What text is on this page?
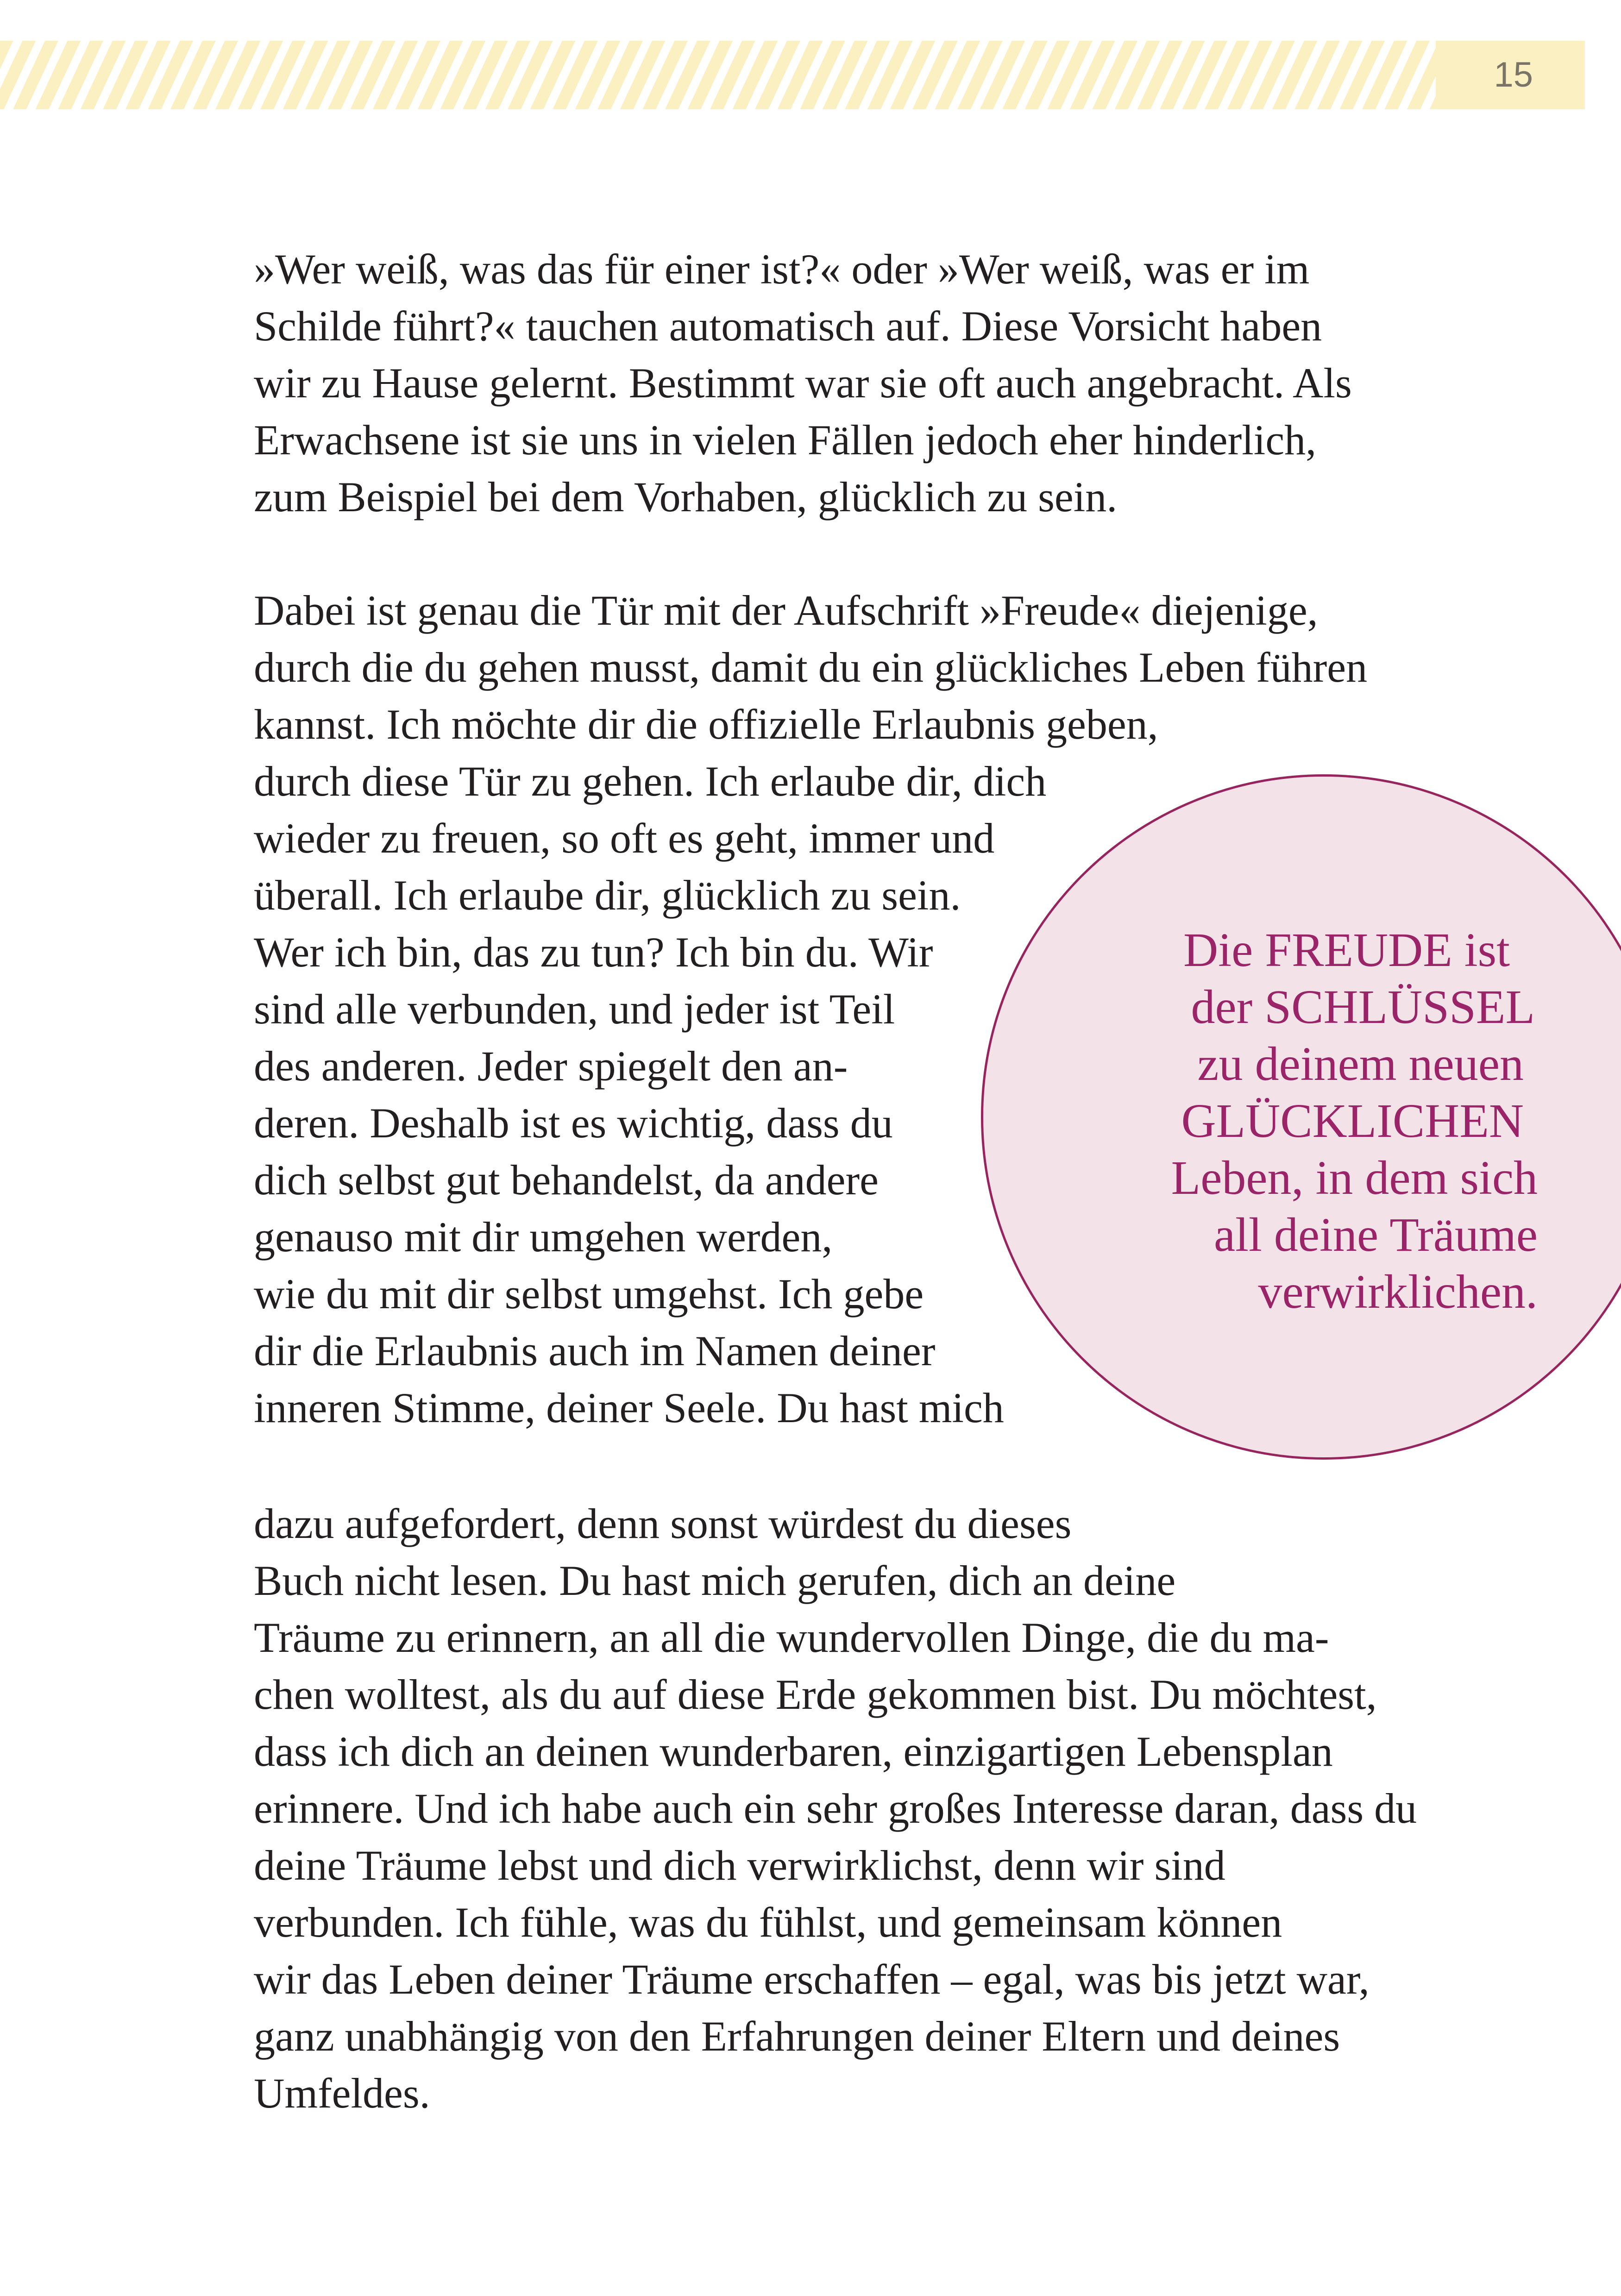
15
»Wer weiß, was das für einer ist?« oder »Wer weiß, was er im
Schilde führt?« tauchen automatisch auf. Diese Vorsicht haben
wir zu Hause gelernt. Bestimmt war sie oft auch angebracht. Als
Erwachsene ist sie uns in vielen Fällen jedoch eher hinderlich,
zum Beispiel bei dem Vorhaben, glücklich zu sein.
Dabei ist genau die Tür mit der Aufschrift »Freude« diejenige,
durch die du gehen musst, damit du ein glückliches Leben führen
kannst. Ich möchte dir die offizielle Erlaubnis geben,
durch diese Tür zu gehen. Ich erlaube dir, dich
wieder zu freuen, so oft es geht, immer und
überall. Ich erlaube dir, glücklich zu sein.
Wer ich bin, das zu tun? Ich bin du. Wir
sind alle verbunden, und jeder ist Teil
des anderen. Jeder spiegelt den an-
deren. Deshalb ist es wichtig, dass du
dich selbst gut behandelst, da andere
genauso mit dir umgehen werden,
wie du mit dir selbst umgehst. Ich gebe
dir die Erlaubnis auch im Namen deiner
inneren Stimme, deiner Seele. Du hast mich
Die FREUDE ist
der SCHLÜSSEL
zu deinem neuen
GLÜCKLICHEN
Leben, in dem sich
all deine Träume
verwirklichen.
dazu aufgefordert, denn sonst würdest du dieses
Buch nicht lesen. Du hast mich gerufen, dich an deine
Träume zu erinnern, an all die wundervollen Dinge, die du ma-
chen wolltest, als du auf diese Erde gekommen bist. Du möchtest,
dass ich dich an deinen wunderbaren, einzigartigen Lebensplan
erinnere. Und ich habe auch ein sehr großes Interesse daran, dass du
deine Träume lebst und dich verwirklichst, denn wir sind
verbunden. Ich fühle, was du fühlst, und gemeinsam können
wir das Leben deiner Träume erschaffen – egal, was bis jetzt war,
ganz unabhängig von den Erfahrungen deiner Eltern und deines
Umfeldes.
